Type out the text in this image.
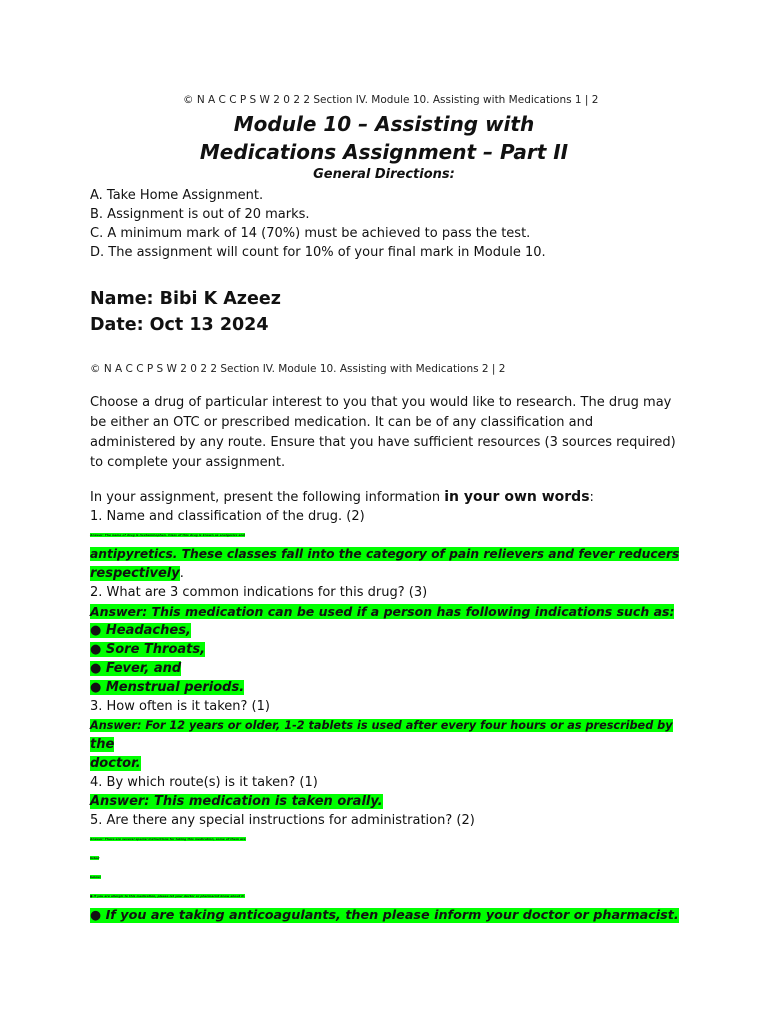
© N A C C P S W 2 0 2 2 Section IV. Module 10. Assisting with Medications 1 | 2
Module 10 – Assisting with
Medications Assignment – Part II
General Directions:
A. Take Home Assignment.
B. Assignment is out of 20 marks.
C. A minimum mark of 14 (70%) must be achieved to pass the test.
D. The assignment will count for 10% of your final mark in Module 10.
Name: Bibi K Azeez
Date: Oct 13 2024
© N A C C P S W 2 0 2 2 Section IV. Module 10. Assisting with Medications 2 | 2
Choose a drug of particular interest to you that you would like to research. The drug may be either an OTC or prescribed medication. It can be of any classification and administered by any route. Ensure that you have sufficient resources (3 sources required) to complete your assignment.
In your assignment, present the following information in your own words:
1. Name and classification of the drug. (2)
Answer: The name of drug is Acetaminophen. Class of this drug is known as analgesics and
antipyretics. These classes fall into the category of pain relievers and fever reducers
respectively.
2. What are 3 common indications for this drug? (3)
Answer: This medication can be used if a person has following indications such as:
● Headaches,
● Sore Throats,
● Fever, and
● Menstrual periods.
3. How often is it taken? (1)
Answer: For 12 years or older, 1-2 tablets is used after every four hours or as prescribed by
the
doctor.
4. By which route(s) is it taken? (1)
Answer: This medication is taken orally.
5. Are there any special instructions for administration? (2)
Answer: There are several special instructions for taking this medication, some of them are
listed
below:
● If you are allergic to this medication, please let your doctor or pharmacist know about it.
● If you are taking anticoagulants, then please inform your doctor or pharmacist.
